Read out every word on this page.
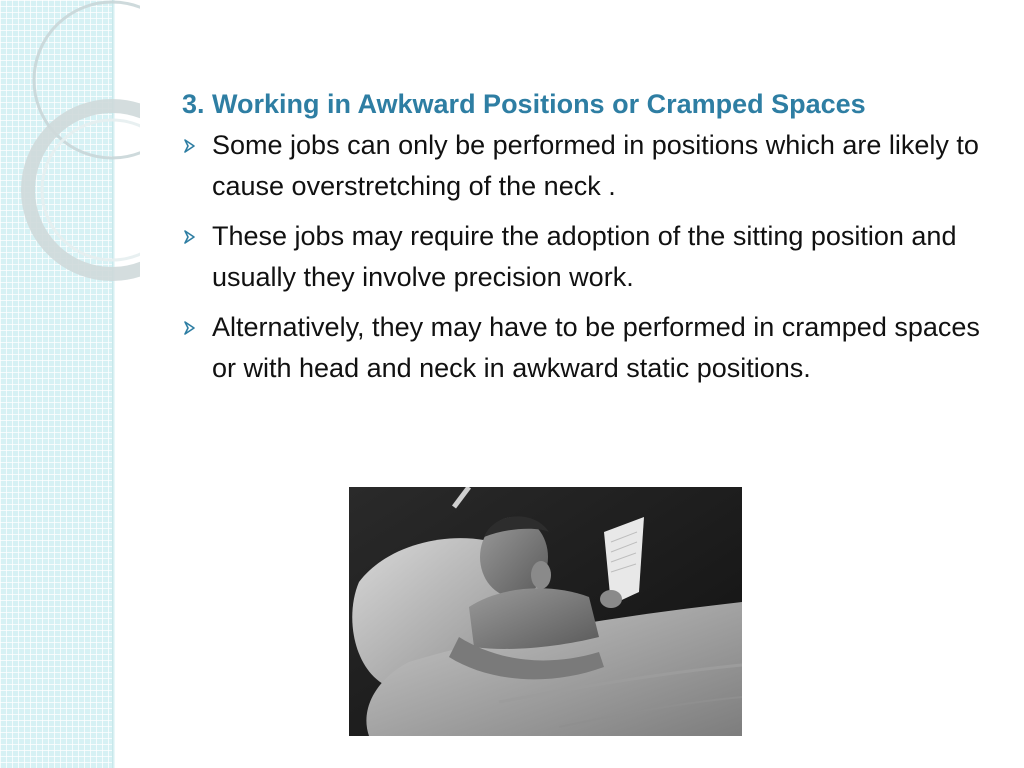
3. Working in Awkward Positions or Cramped Spaces
Some jobs can only be performed in positions which are likely to cause overstretching of the neck .
These jobs may require the adoption of the sitting position and usually they involve precision work.
Alternatively, they may have to be performed in cramped spaces or with head and neck in awkward static positions.
